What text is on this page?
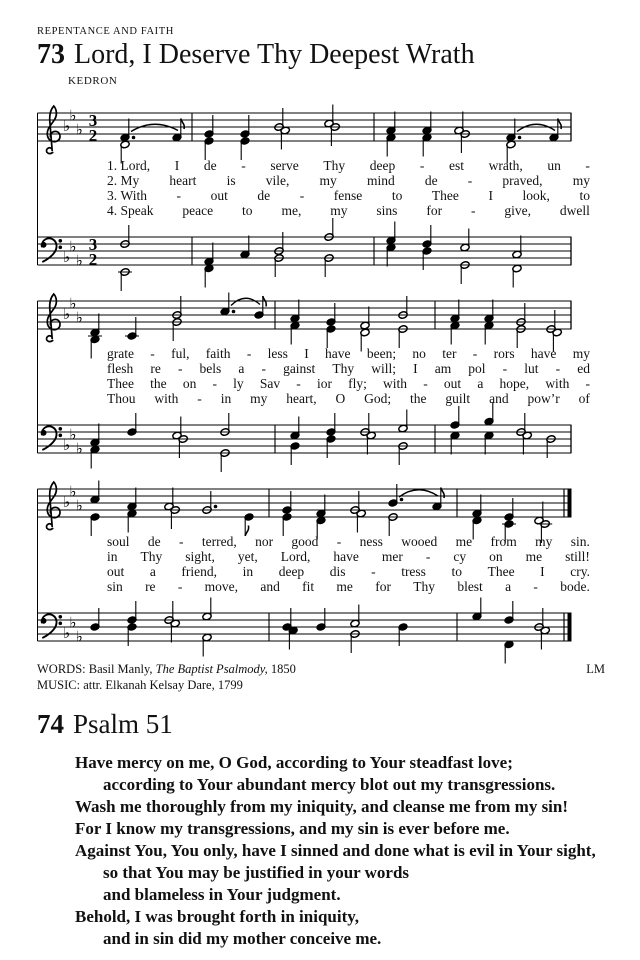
REPENTANCE AND FAITH
73 Lord, I Deserve Thy Deepest Wrath
KEDRON
♭
♭
♭ 3
2
1. Lord, I de - serve Thy deep - est wrath, un -
2. My heart is vile, my mind de - praved, my
3. With - out de - fense to Thee I look, to
4. Speak peace to me, my sins for - give, dwell
♭
♭
♭
3
2
♭
♭
♭
grate - ful, faith - less I have been; no ter - rors have my
flesh re - bels a - gainst Thy will; I am pol - lut - ed
Thee the on - ly Sav - ior fly; with - out a hope, with -
Thou with - in my heart, O God; the guilt and pow’r of
♭
♭
♭
♭
♭
♭
soul de - terred, nor good - ness wooed me from my sin.
in Thy sight, yet, Lord, have mer - cy on me still!
out a friend, in deep dis - tress to Thee I cry.
sin re - move, and fit me for Thy blest a - bode.
♭
♭
♭
WORDS: Basil Manly, The Baptist Psalmody, 1850	LM
MUSIC: attr. Elkanah Kelsay Dare, 1799
74 Psalm 51
Have mercy on me, O God, according to Your steadfast love;
according to Your abundant mercy blot out my transgressions.
Wash me thoroughly from my iniquity, and cleanse me from my sin!
For I know my transgressions, and my sin is ever before me.
Against You, You only, have I sinned and done what is evil in Your sight,
so that You may be justified in your words
and blameless in Your judgment.
Behold, I was brought forth in iniquity,
and in sin did my mother conceive me.
